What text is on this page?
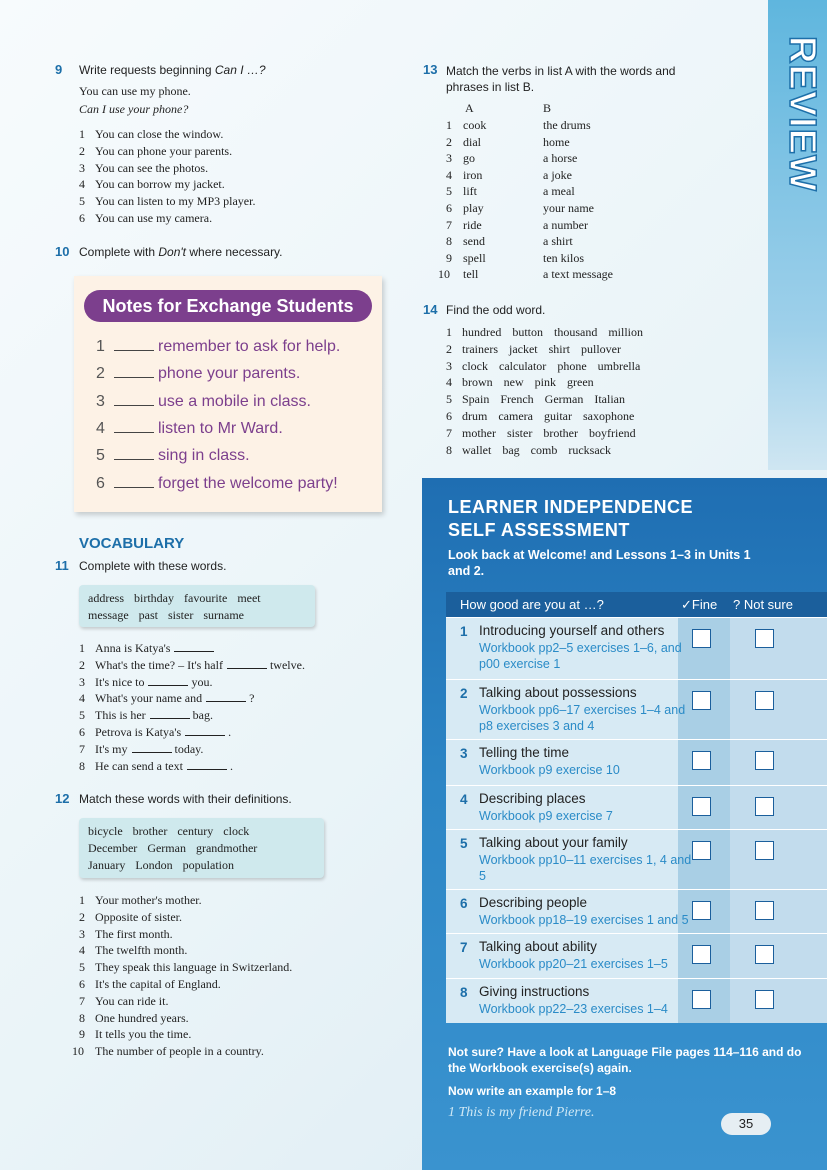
REVIEW
9 Write requests beginning Can I …?
You can use my phone.
Can I use your phone?
1 You can close the window.
2 You can phone your parents.
3 You can see the photos.
4 You can borrow my jacket.
5 You can listen to my MP3 player.
6 You can use my camera.
10 Complete with Don't where necessary.
Notes for Exchange Students
1	remember to ask for help.
2	phone your parents.
3	use a mobile in class.
4	listen to Mr Ward.
5	sing in class.
6	forget the welcome party!
VOCABULARY
11 Complete with these words.
address birthday favourite meet
message past sister surname
1 Anna is Katya's
2 What's the time? – It's half	twelve.
3 It's nice to	you.
4 What's your name and	?
5 This is her	bag.
6 Petrova is Katya's	.
7 It's my	today.
8 He can send a text	.
12 Match these words with their definitions.
bicycle brother century clock
December German grandmother
January London population
1 Your mother's mother.
2 Opposite of sister.
3 The first month.
4 The twelfth month.
5 They speak this language in Switzerland.
6 It's the capital of England.
7 You can ride it.
8 One hundred years.
9 It tells you the time.
10 The number of people in a country.
13 Match the verbs in list A with the words and
phrases in list B.
A	B
1 cook	the drums
2 dial	home
3 go	a horse
4 iron	a joke
5 lift	a meal
6 play	your name
7 ride	a number
8 send	a shirt
9 spell	ten kilos
10 tell	a text message
14 Find the odd word.
1 hundred button thousand million
2 trainers jacket shirt pullover
3 clock calculator phone umbrella
4 brown new pink green
5 Spain French German Italian
6 drum camera guitar saxophone
7 mother sister brother boyfriend
8 wallet bag comb rucksack
LEARNER INDEPENDENCE
SELF ASSESSMENT
Look back at Welcome! and Lessons 1–3 in Units 1 and 2.
How good are you at …?	✓Fine ? Not sure
1 Introducing yourself and others
Workbook pp2–5 exercises 1–6, and p00 exercise 1
2 Talking about possessions
Workbook pp6–17 exercises 1–4 and p8 exercises 3 and 4
3 Telling the time
Workbook p9 exercise 10
4 Describing places
Workbook p9 exercise 7
5 Talking about your family
Workbook pp10–11 exercises 1, 4 and 5
6 Describing people
Workbook pp18–19 exercises 1 and 5
7 Talking about ability
Workbook pp20–21 exercises 1–5
8 Giving instructions
Workbook pp22–23 exercises 1–4
Not sure? Have a look at Language File pages 114–116 and do the Workbook exercise(s) again.
Now write an example for 1–8
1 This is my friend Pierre.
35
